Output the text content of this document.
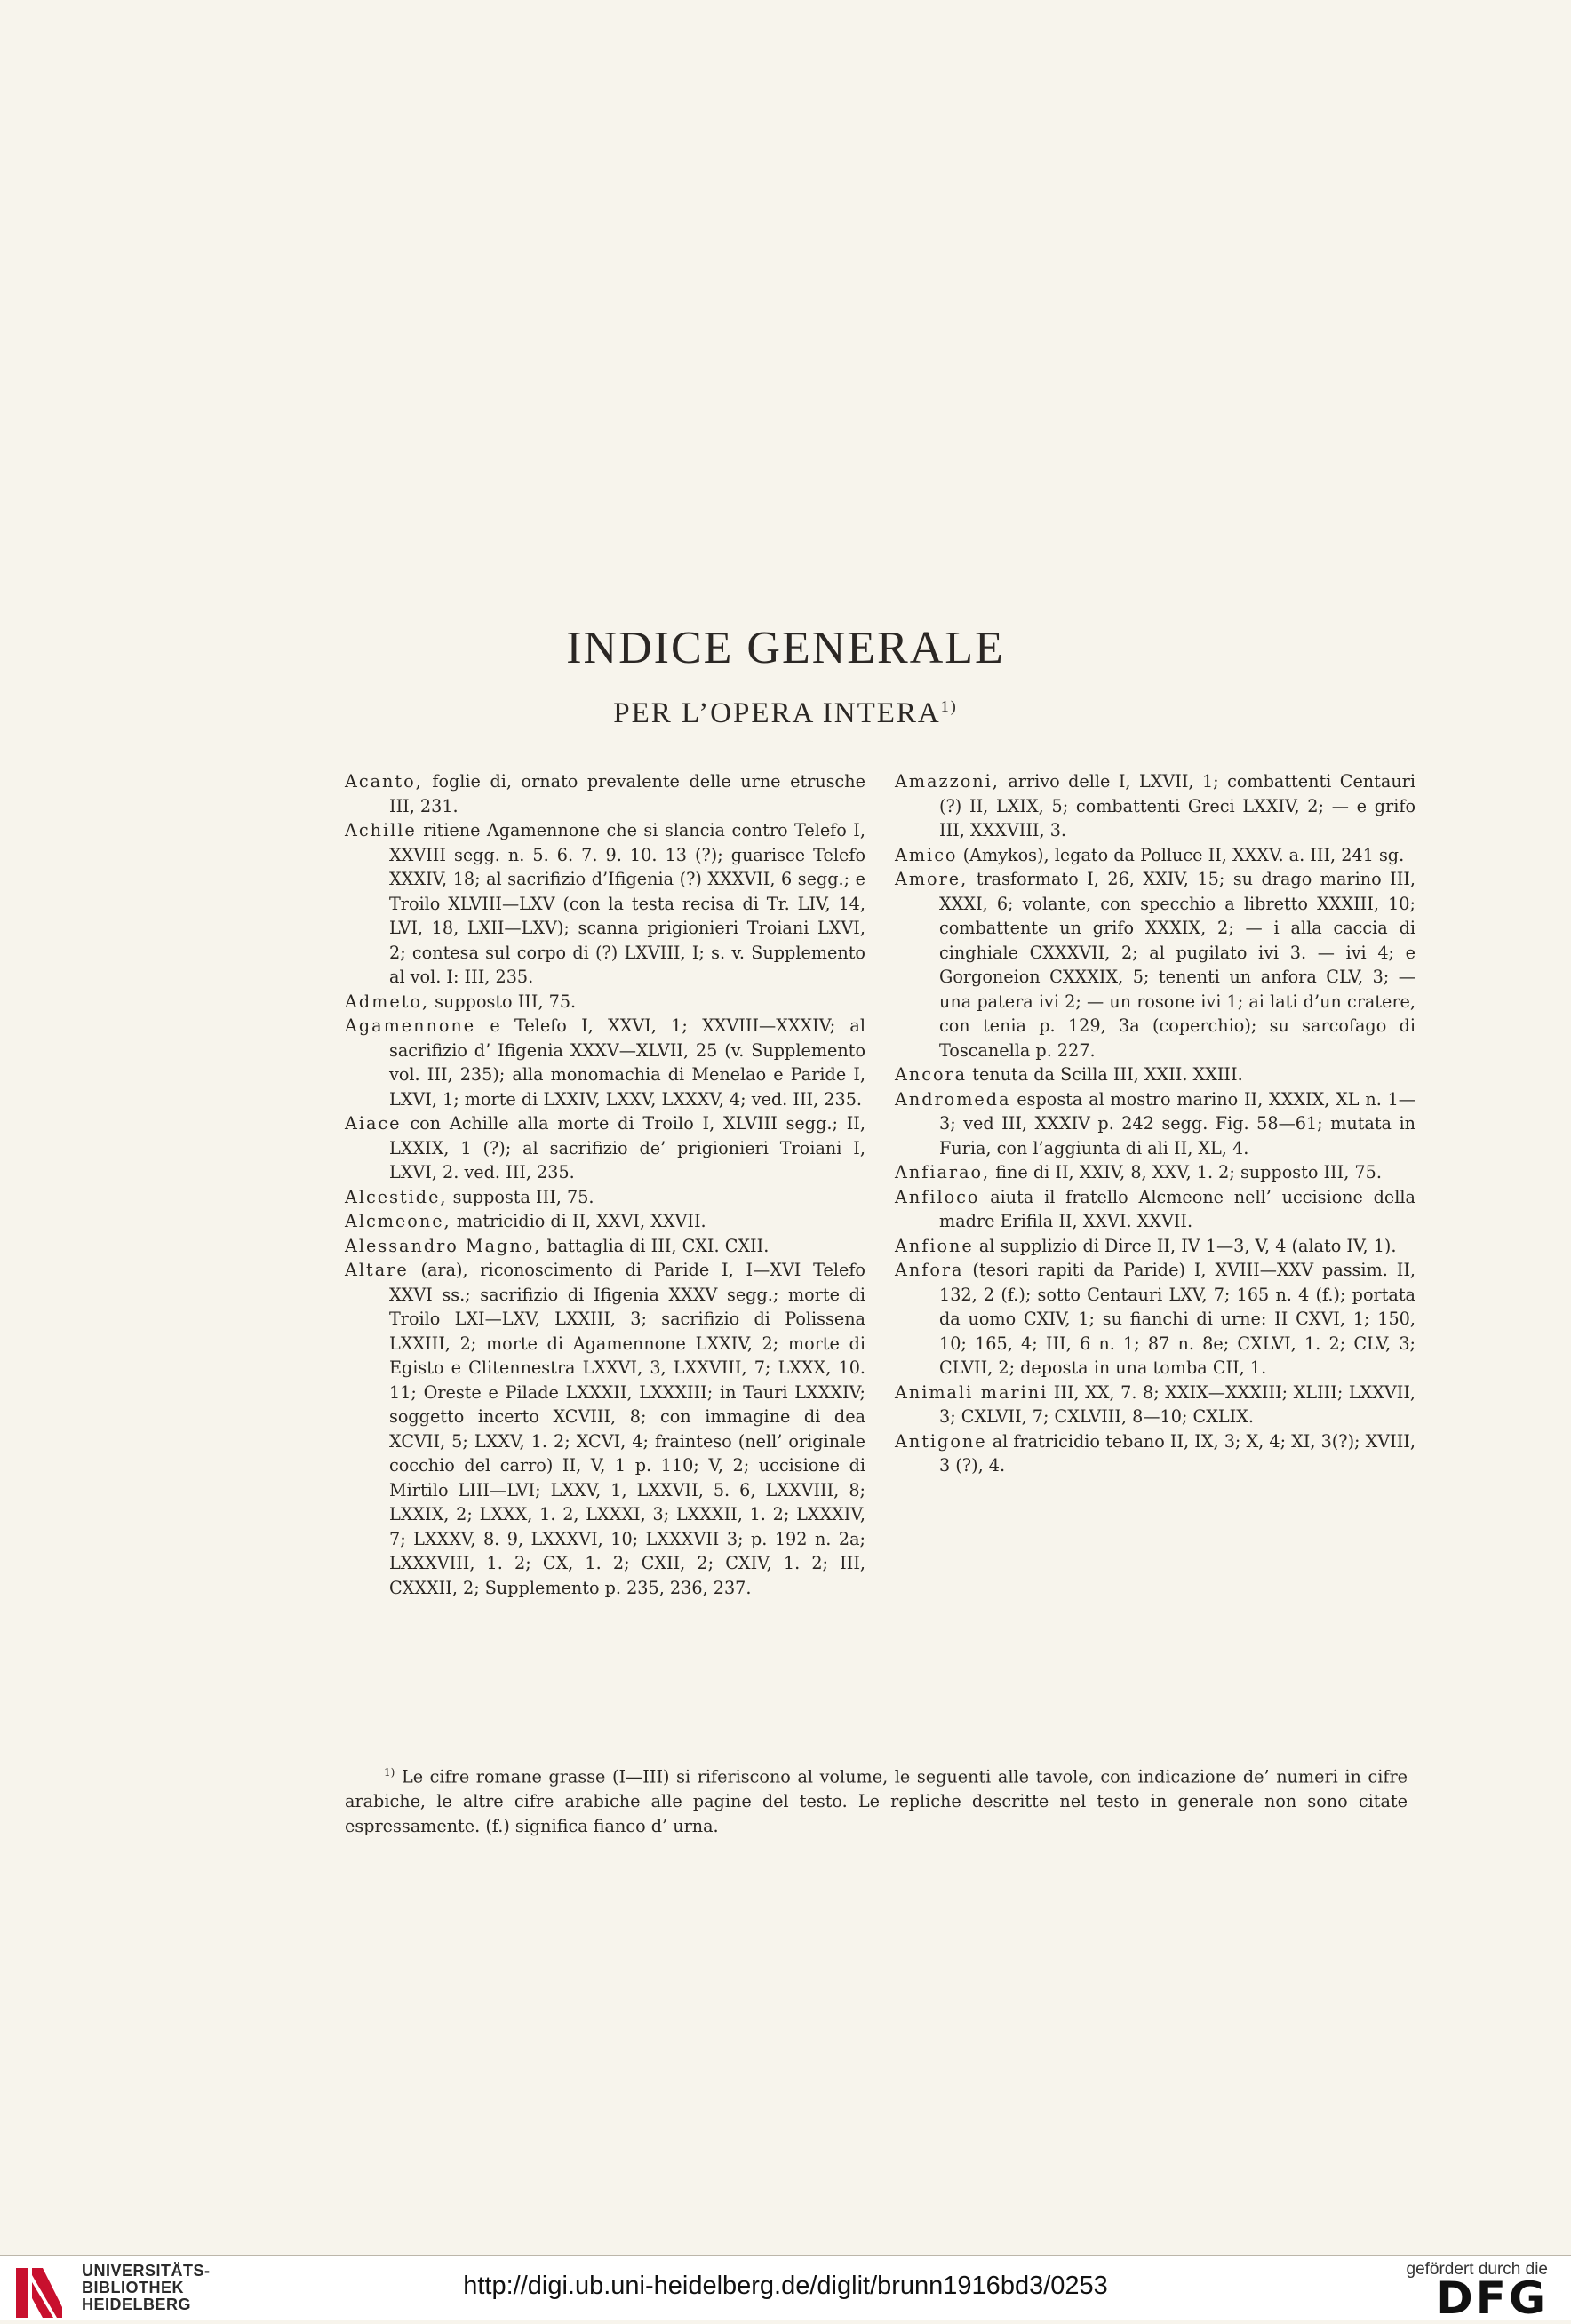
INDICE GENERALE
PER L’OPERA INTERA$^{1)}$

Acanto, foglie di, ornato prevalente delle urne etrusche III, 231.

Achille ritiene Agamennone che si slancia contro Telefo I, XXVIII segg. n. 5. 6. 7. 9. 10. 13 (?); guarisce Telefo XXXIV, 18; al sacrifizio d’Ifigenia (?) XXXVII, 6 segg.; e Troilo XLVIII—LXV (con la testa recisa di Tr. LIV, 14, LVI, 18, LXII—LXV); scanna prigionieri Troiani LXVI, 2; contesa sul corpo di (?) LXVIII, I; s. v. Supplemento al vol. I: III, 235.

Admeto, supposto III, 75.

Agamennone e Telefo I, XXVI, 1; XXVIII—XXXIV; al sacrifizio d’ Ifigenia XXXV—XLVII, 25 (v. Supplemento vol. III, 235); alla monomachia di Menelao e Paride I, LXVI, 1; morte di LXXIV, LXXV, LXXXV, 4; ved. III, 235.

Aiace con Achille alla morte di Troilo I, XLVIII segg.; II, LXXIX, 1 (?); al sacrifizio de’ prigionieri Troiani I, LXVI, 2. ved. III, 235.

Alcestide, supposta III, 75.

Alcmeone, matricidio di II, XXVI, XXVII.

Alessandro Magno, battaglia di III, CXI. CXII.

Altare (ara), riconoscimento di Paride I, I—XVI Telefo XXVI ss.; sacrifizio di Ifigenia XXXV segg.; morte di Troilo LXI—LXV, LXXIII, 3; sacrifizio di Polissena LXXIII, 2; morte di Agamennone LXXIV, 2; morte di Egisto e Clitennestra LXXVI, 3, LXXVIII, 7; LXXX, 10. 11; Oreste e Pilade LXXXII, LXXXIII; in Tauri LXXXIV; soggetto incerto XCVIII, 8; con immagine di dea XCVII, 5; LXXV, 1. 2; XCVI, 4; frainteso (nell’ originale cocchio del carro) II, V, 1 p. 110; V, 2; uccisione di Mirtilo LIII—LVI; LXXV, 1, LXXVII, 5. 6, LXXVIII, 8; LXXIX, 2; LXXX, 1. 2, LXXXI, 3; LXXXII, 1. 2; LXXXIV, 7; LXXXV, 8. 9, LXXXVI, 10; LXXXVII 3; p. 192 n. 2a; LXXXVIII, 1. 2; CX, 1. 2; CXII, 2; CXIV, 1. 2; III, CXXXII, 2; Supplemento p. 235, 236, 237.

Amazzoni, arrivo delle I, LXVII, 1; combattenti Centauri (?) II, LXIX, 5; combattenti Greci LXXIV, 2; — e grifo III, XXXVIII, 3.

Amico (Amykos), legato da Polluce II, XXXV. a. III, 241 sg.

Amore, trasformato I, 26, XXIV, 15; su drago marino III, XXXI, 6; volante, con specchio a libretto XXXIII, 10; combattente un grifo XXXIX, 2; — i alla caccia di cinghiale CXXXVII, 2; al pugilato ivi 3. — ivi 4; e Gorgoneion CXXXIX, 5; tenenti un anfora CLV, 3; — una patera ivi 2; — un rosone ivi 1; ai lati d’un cratere, con tenia p. 129, 3a (coperchio); su sarcofago di Toscanella p. 227.

Ancora tenuta da Scilla III, XXII. XXIII.

Andromeda esposta al mostro marino II, XXXIX, XL n. 1—3; ved III, XXXIV p. 242 segg. Fig. 58—61; mutata in Furia, con l’aggiunta di ali II, XL, 4.

Anfiarao, fine di II, XXIV, 8, XXV, 1. 2; supposto III, 75.

Anfiloco aiuta il fratello Alcmeone nell’ uccisione della madre Erifila II, XXVI. XXVII.

Anfione al supplizio di Dirce II, IV 1—3, V, 4 (alato IV, 1).

Anfora (tesori rapiti da Paride) I, XVIII—XXV passim. II, 132, 2 (f.); sotto Centauri LXV, 7; 165 n. 4 (f.); portata da uomo CXIV, 1; su fianchi di urne: II CXVI, 1; 150, 10; 165, 4; III, 6 n. 1; 87 n. 8e; CXLVI, 1. 2; CLV, 3; CLVII, 2; deposta in una tomba CII, 1.

Animali marini III, XX, 7. 8; XXIX—XXXIII; XLIII; LXXVII, 3; CXLVII, 7; CXLVIII, 8—10; CXLIX.

Antigone al fratricidio tebano II, IX, 3; X, 4; XI, 3(?); XVIII, 3 (?), 4.

$^{1)}$ Le cifre romane grasse (I—III) si riferiscono al volume, le seguenti alle tavole, con indicazione de’ numeri in cifre arabiche, le altre cifre arabiche alle pagine del testo. Le repliche descritte nel testo in generale non sono citate espressamente. (f.) significa fianco d’ urna.
UNIVERSITÄTS-
BIBLIOTHEK
HEIDELBERG
http://digi.ub.uni-heidelberg.de/diglit/brunn1916bd3/0253
gefördert durch die
DFG
